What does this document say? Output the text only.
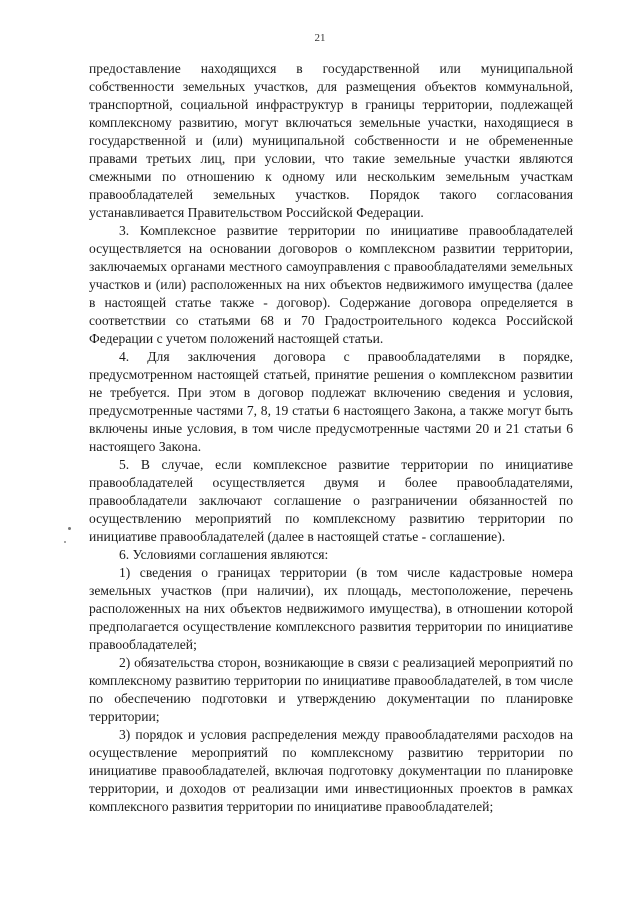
21

предоставление находящихся в государственной или муниципальной собственности земельных участков, для размещения объектов коммунальной, транспортной, социальной инфраструктур в границы территории, подлежащей комплексному развитию, могут включаться земельные участки, находящиеся в государственной и (или) муниципальной собственности и не обремененные правами третьих лиц, при условии, что такие земельные участки являются смежными по отношению к одному или нескольким земельным участкам правообладателей земельных участков. Порядок такого согласования устанавливается Правительством Российской Федерации.

3. Комплексное развитие территории по инициативе правообладателей осуществляется на основании договоров о комплексном развитии территории, заключаемых органами местного самоуправления с правообладателями земельных участков и (или) расположенных на них объектов недвижимого имущества (далее в настоящей статье также - договор). Содержание договора определяется в соответствии со статьями 68 и 70 Градостроительного кодекса Российской Федерации с учетом положений настоящей статьи.

4. Для заключения договора с правообладателями в порядке, предусмотренном настоящей статьей, принятие решения о комплексном развитии не требуется. При этом в договор подлежат включению сведения и условия, предусмотренные частями 7, 8, 19 статьи 6 настоящего Закона, а также могут быть включены иные условия, в том числе предусмотренные частями 20 и 21 статьи 6 настоящего Закона.

5. В случае, если комплексное развитие территории по инициативе правообладателей осуществляется двумя и более правообладателями, правообладатели заключают соглашение о разграничении обязанностей по осуществлению мероприятий по комплексному развитию территории по инициативе правообладателей (далее в настоящей статье - соглашение).

6. Условиями соглашения являются:

1) сведения о границах территории (в том числе кадастровые номера земельных участков (при наличии), их площадь, местоположение, перечень расположенных на них объектов недвижимого имущества), в отношении которой предполагается осуществление комплексного развития территории по инициативе правообладателей;

2) обязательства сторон, возникающие в связи с реализацией мероприятий по комплексному развитию территории по инициативе правообладателей, в том числе по обеспечению подготовки и утверждению документации по планировке территории;

3) порядок и условия распределения между правообладателями расходов на осуществление мероприятий по комплексному развитию территории по инициативе правообладателей, включая подготовку документации по планировке территории, и доходов от реализации ими инвестиционных проектов в рамках комплексного развития территории по инициативе правообладателей;
